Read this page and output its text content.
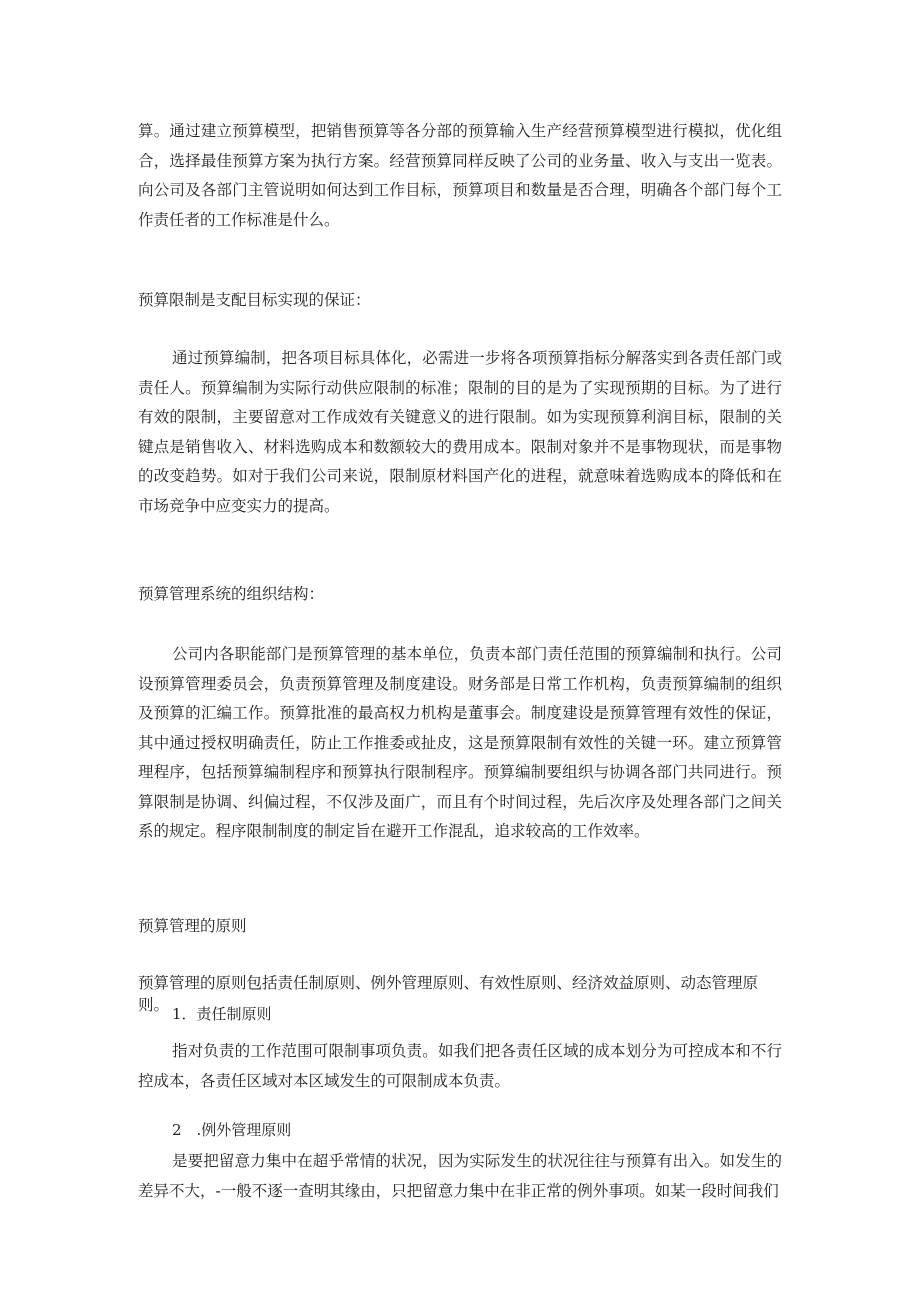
算。通过建立预算模型，把销售预算等各分部的预算输入生产经营预算模型进行模拟，优化组合，选择最佳预算方案为执行方案。经营预算同样反映了公司的业务量、收入与支出一览表。向公司及各部门主管说明如何达到工作目标，预算项目和数量是否合理，明确各个部门每个工作责任者的工作标准是什么。

预算限制是支配目标实现的保证：

通过预算编制，把各项目标具体化，必需进一步将各项预算指标分解落实到各责任部门或责任人。预算编制为实际行动供应限制的标准；限制的目的是为了实现预期的目标。为了进行有效的限制，主要留意对工作成效有关键意义的进行限制。如为实现预算利润目标，限制的关键点是销售收入、材料选购成本和数额较大的费用成本。限制对象并不是事物现状，而是事物的改变趋势。如对于我们公司来说，限制原材料国产化的进程，就意味着选购成本的降低和在市场竞争中应变实力的提高。

预算管理系统的组织结构：

公司内各职能部门是预算管理的基本单位，负责本部门责任范围的预算编制和执行。公司设预算管理委员会，负责预算管理及制度建设。财务部是日常工作机构，负责预算编制的组织及预算的汇编工作。预算批准的最高权力机构是董事会。制度建设是预算管理有效性的保证，其中通过授权明确责任，防止工作推委或扯皮，这是预算限制有效性的关键一环。建立预算管理程序，包括预算编制程序和预算执行限制程序。预算编制要组织与协调各部门共同进行。预算限制是协调、纠偏过程，不仅涉及面广，而且有个时间过程，先后次序及处理各部门之间关系的规定。程序限制制度的制定旨在避开工作混乱，追求较高的工作效率。

预算管理的原则

预算管理的原则包括责任制原则、例外管理原则、有效性原则、经济效益原则、动态管理原则。 1．责任制原则

指对负责的工作范围可限制事项负责。如我们把各责任区域的成本划分为可控成本和不行控成本，各责任区域对本区域发生的可限制成本负责。

2　.例外管理原则

是要把留意力集中在超乎常情的状况，因为实际发生的状况往往与预算有出入。如发生的差异不大，-一般不逐一查明其缘由，只把留意力集中在非正常的例外事项。如某一段时间我们
